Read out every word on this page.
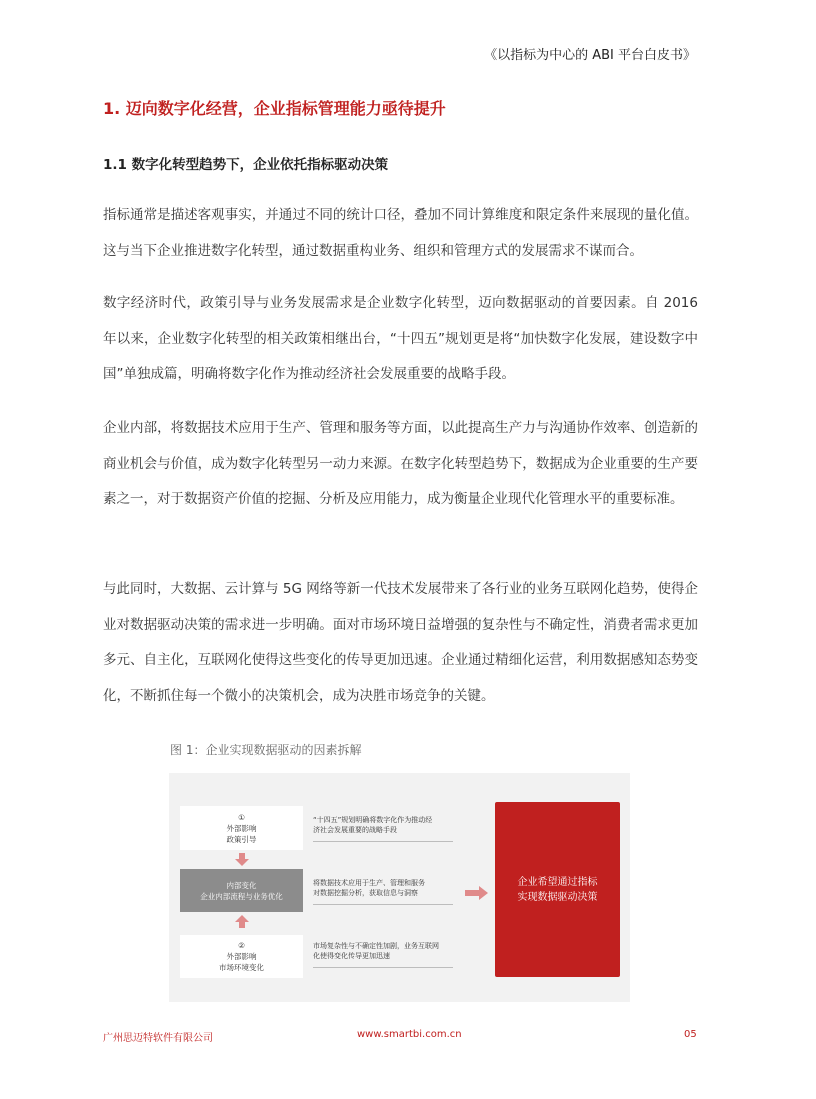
《以指标为中心的 ABI 平台白皮书》
1. 迈向数字化经营，企业指标管理能力亟待提升
1.1 数字化转型趋势下，企业依托指标驱动决策

指标通常是描述客观事实，并通过不同的统计口径，叠加不同计算维度和限定条件来展现的量化值。这与当下企业推进数字化转型，通过数据重构业务、组织和管理方式的发展需求不谋而合。

数字经济时代，政策引导与业务发展需求是企业数字化转型，迈向数据驱动的首要因素。自 2016 年以来，企业数字化转型的相关政策相继出台，“十四五”规划更是将“加快数字化发展，建设数字中国”单独成篇，明确将数字化作为推动经济社会发展重要的战略手段。

企业内部，将数据技术应用于生产、管理和服务等方面，以此提高生产力与沟通协作效率、创造新的商业机会与价值，成为数字化转型另一动力来源。在数字化转型趋势下，数据成为企业重要的生产要素之一，对于数据资产价值的挖掘、分析及应用能力，成为衡量企业现代化管理水平的重要标准。

与此同时，大数据、云计算与 5G 网络等新一代技术发展带来了各行业的业务互联网化趋势，使得企业对数据驱动决策的需求进一步明确。面对市场环境日益增强的复杂性与不确定性，消费者需求更加多元、自主化，互联网化使得这些变化的传导更加迅速。企业通过精细化运营，利用数据感知态势变化，不断抓住每一个微小的决策机会，成为决胜市场竞争的关键。

图 1：企业实现数据驱动的因素拆解
①
外部影响
政策引导
内部变化
企业内部流程与业务优化
②
外部影响
市场环境变化
“十四五”规划明确将数字化作为推动经
济社会发展重要的战略手段
将数据技术应用于生产、管理和服务
对数据挖掘分析，获取信息与洞察
市场复杂性与不确定性加剧，业务互联网
化使得变化传导更加迅速
企业希望通过指标
实现数据驱动决策
广州思迈特软件有限公司	www.smartbi.com.cn	05
